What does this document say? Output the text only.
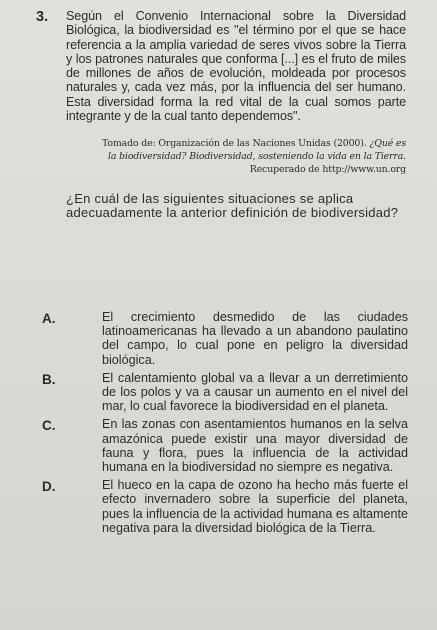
3. Según el Convenio Internacional sobre la Diversidad Biológica, la biodiversidad es "el término por el que se hace referencia a la amplia variedad de seres vivos sobre la Tierra y los patrones naturales que conforma [...] es el fruto de miles de millones de años de evolución, moldeada por procesos naturales y, cada vez más, por la influencia del ser humano. Esta diversidad forma la red vital de la cual somos parte integrante y de la cual tanto dependemos".
Tomado de: Organización de las Naciones Unidas (2000). ¿Qué es la biodiversidad? Biodiversidad, sosteniendo la vida en la Tierra. Recuperado de http://www.un.org
¿En cuál de las siguientes situaciones se aplica adecuadamente la anterior definición de biodiversidad?
A.	El crecimiento desmedido de las ciudades latinoamericanas ha llevado a un abandono paulatino del campo, lo cual pone en peligro la diversidad biológica.
B.	El calentamiento global va a llevar a un derretimiento de los polos y va a causar un aumento en el nivel del mar, lo cual favorece la biodiversidad en el planeta.
C.	En las zonas con asentamientos humanos en la selva amazónica puede existir una mayor diversidad de fauna y flora, pues la influencia de la actividad humana en la biodiversidad no siempre es negativa.
D.	El hueco en la capa de ozono ha hecho más fuerte el efecto invernadero sobre la superficie del planeta, pues la influencia de la actividad humana es altamente negativa para la diversidad biológica de la Tierra.
